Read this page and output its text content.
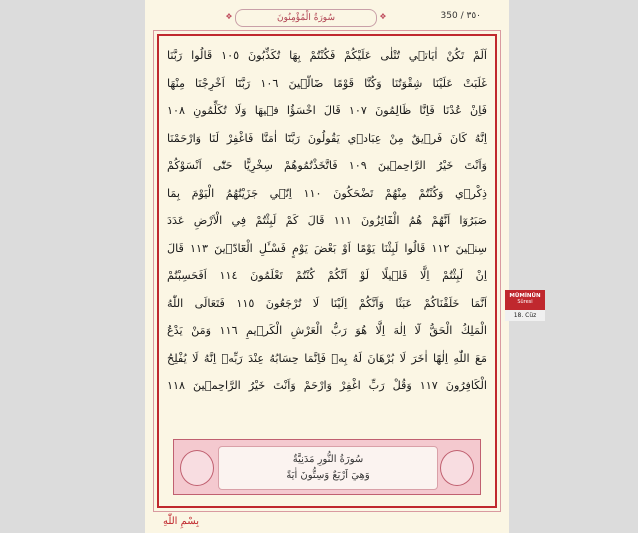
❖	سُورَةُ الْمُؤْمِنُونَ	❖	350 / ٣٥٠
اَلَمْ تَكُنْ اٰيَاتٖي تُتْلٰى عَلَيْكُمْ فَكُنْتُمْ بِهَا تُكَذِّبُونَ ١٠٥ قَالُوا رَبَّنَا
غَلَبَتْ عَلَيْنَا شِقْوَتُنَا وَكُنَّا قَوْمًا ضَٓالّٖينَ ١٠٦ رَبَّنَٓا اَخْرِجْنَا مِنْهَا
فَاِنْ عُدْنَا فَاِنَّا ظَالِمُونَ ١٠٧ قَالَ اخْسَؤُا فٖيهَا وَلَا تُكَلِّمُونِ ١٠٨
اِنَّهُ كَانَ فَرٖيقٌ مِنْ عِبَادٖي يَقُولُونَ رَبَّنَٓا اٰمَنَّا فَاغْفِرْ لَنَا وَارْحَمْنَا
وَاَنْتَ خَيْرُ الرَّاحِمٖينَ ١٠٩ فَاتَّخَذْتُمُوهُمْ سِخْرِيًّا حَتّٰٓى اَنْسَوْكُمْ
ذِكْرٖي وَكُنْتُمْ مِنْهُمْ تَضْحَكُونَ ١١٠ اِنّٖي جَزَيْتُهُمُ الْيَوْمَ بِمَا
صَبَرُوٓا اَنَّهُمْ هُمُ الْفَٓائِزُونَ ١١١ قَالَ كَمْ لَبِثْتُمْ فِي الْاَرْضِ عَدَدَ
سِنٖينَ ١١٢ قَالُوا لَبِثْنَا يَوْمًا اَوْ بَعْضَ يَوْمٍ فَسْـَٔلِ الْعَٓادّٖينَ ١١٣ قَالَ
اِنْ لَبِثْتُمْ اِلَّا قَلٖيلًا لَوْ اَنَّكُمْ كُنْتُمْ تَعْلَمُونَ ١١٤ اَفَحَسِبْتُمْ
اَنَّمَا خَلَقْنَاكُمْ عَبَثًا وَاَنَّكُمْ اِلَيْنَا لَا تُرْجَعُونَ ١١٥ فَتَعَالَى اللّٰهُ
الْمَلِكُ الْحَقُّ لَٓا اِلٰهَ اِلَّا هُوَ رَبُّ الْعَرْشِ الْكَرٖيمِ ١١٦ وَمَنْ يَدْعُ
مَعَ اللّٰهِ اِلٰهًا اٰخَرَ لَا بُرْهَانَ لَهُ بِهٖ فَاِنَّمَا حِسَابُهُ عِنْدَ رَبِّهٖ اِنَّهُ لَا يُفْلِحُ
الْكَافِرُونَ ١١٧ وَقُلْ رَبِّ اغْفِرْ وَارْحَمْ وَاَنْتَ خَيْرُ الرَّاحِمٖينَ ١١٨
سُورَةُ النُّورِ مَدَنِيَّةٌ
وَهِيَ اَرْبَعٌ وَسِتُّونَ اٰيَةً
بِسْمِ اللّٰهِ
MÜMİNÛN
Sûresi
18. Cüz
